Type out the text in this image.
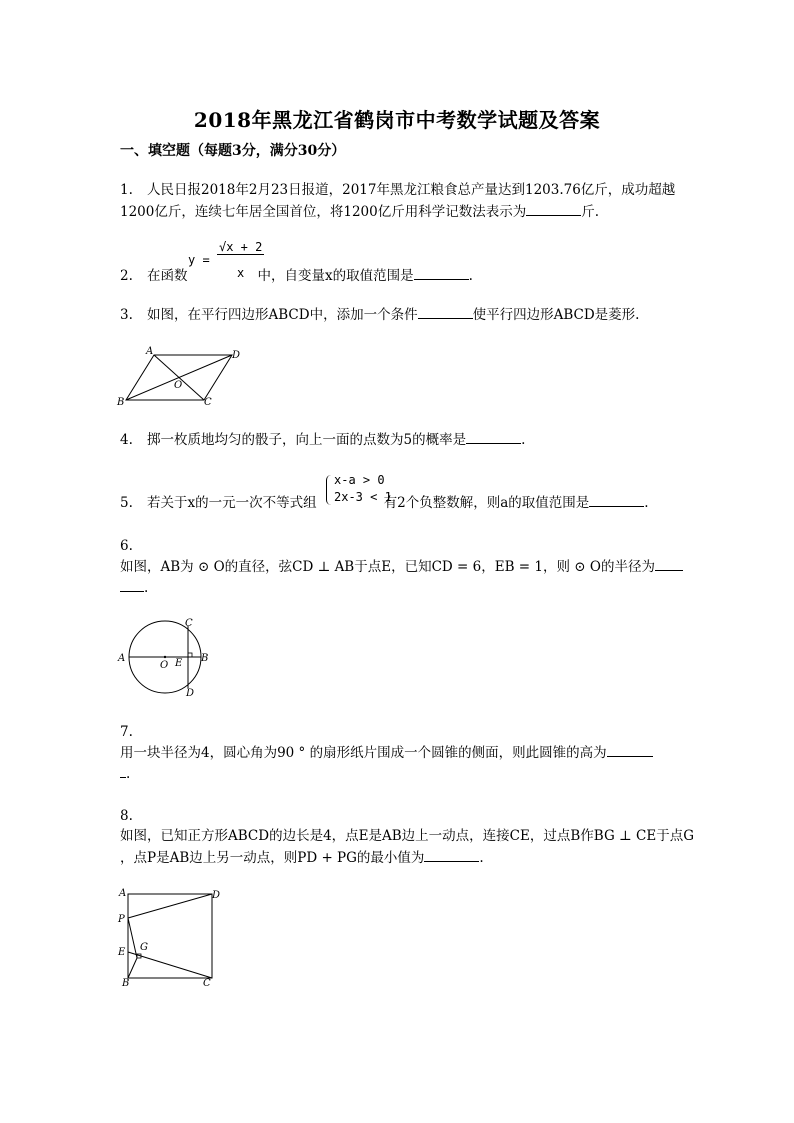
2018年黑龙江省鹤岗市中考数学试题及答案
一、填空题（每题3分，满分30分）
1. 人民日报2018年2月23日报道，2017年黑龙江粮食总产量达到1203.76亿斤，成功超越
1200亿斤，连续七年居全国首位，将1200亿斤用科学记数法表示为	斤.
y =
√x + 2
x
2. 在函数	中，自变量x的取值范围是	.
3. 如图，在平行四边形ABCD中，添加一个条件	使平行四边形ABCD是菱形.
A	D
B	C
O
4. 掷一枚质地均匀的骰子，向上一面的点数为5的概率是	.
x-a > 0
2x-3 < 1
5. 若关于x的一元一次不等式组	有2个负整数解，则a的取值范围是	.
6.
如图，AB为 ⊙ O的直径，弦CD ⊥ AB于点E，已知CD = 6，EB = 1，则 ⊙ O的半径为
.
A	B
C
D
E
O
7.
用一块半径为4，圆心角为90 ° 的扇形纸片围成一个圆锥的侧面，则此圆锥的高为
.
8.
如图，已知正方形ABCD的边长是4，点E是AB边上一动点，连接CE，过点B作BG ⊥ CE于点G
，点P是AB边上另一动点，则PD + PG的最小值为	.
A	D
P
E G
B	C
